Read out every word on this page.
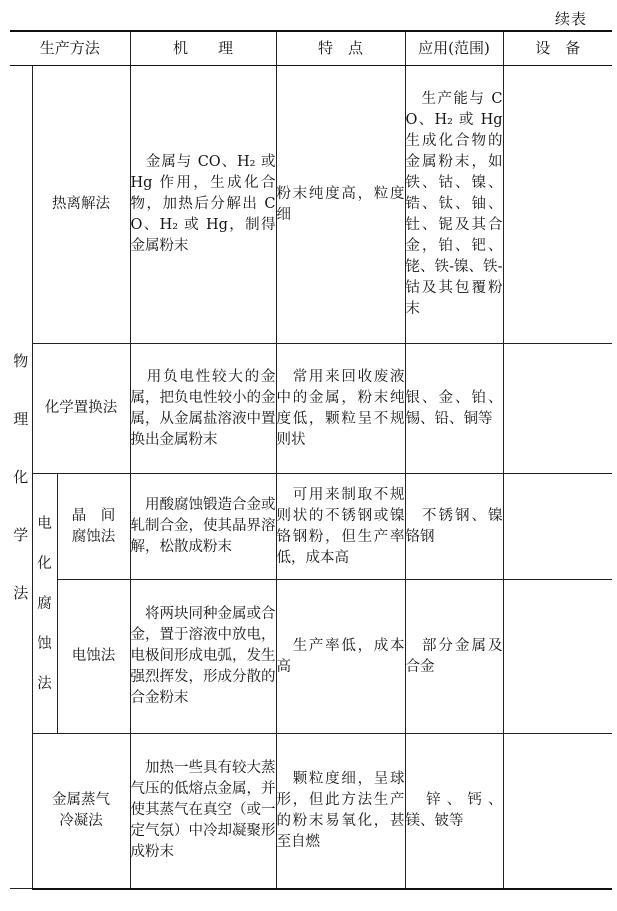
续表
生产方法			机　　理	特　点	应用(范围)	设　备

物
理
化
学
法	热离解法		　金属与 CO、H₂ 或 Hg 作用，生成化合物，加热后分解出 CO、H₂ 或 Hg，制得金属粉末	粉末纯度高，粒度细	　生产能与 CO、H₂ 或 Hg 生成化合物的金属粉末，如铁、钴、镍、锆、钛、铀、钍、铌及其合金，铂、钯、铑、铁-镍、铁-钴及其包覆粉末	
	化学置换法		　用负电性较大的金属，把负电性较小的金属，从金属盐溶液中置换出金属粉末	　常用来回收废液中的金属，粉末纯度低，颗粒呈不规则状	银、金、铂、锡、铅、铜等	

	电
化
腐
蚀
法	晶　间
腐蚀法	　用酸腐蚀锻造合金或轧制合金，使其晶界溶解，松散成粉末	　可用来制取不规则状的不锈钢或镍铬钢粉，但生产率低，成本高	　不锈钢、镍铬钢	
		电蚀法	　将两块同种金属或合金，置于溶液中放电，电极间形成电弧，发生强烈挥发，形成分散的合金粉末	　生产率低，成本高	　部分金属及合金	
	金属蒸气
冷凝法		　加热一些具有较大蒸气压的低熔点金属，并使其蒸气在真空（或一定气氛）中冷却凝聚形成粉末	　颗粒度细，呈球形，但此方法生产的粉末易氧化，甚至自燃	　锌、钙、镁、铍等	
